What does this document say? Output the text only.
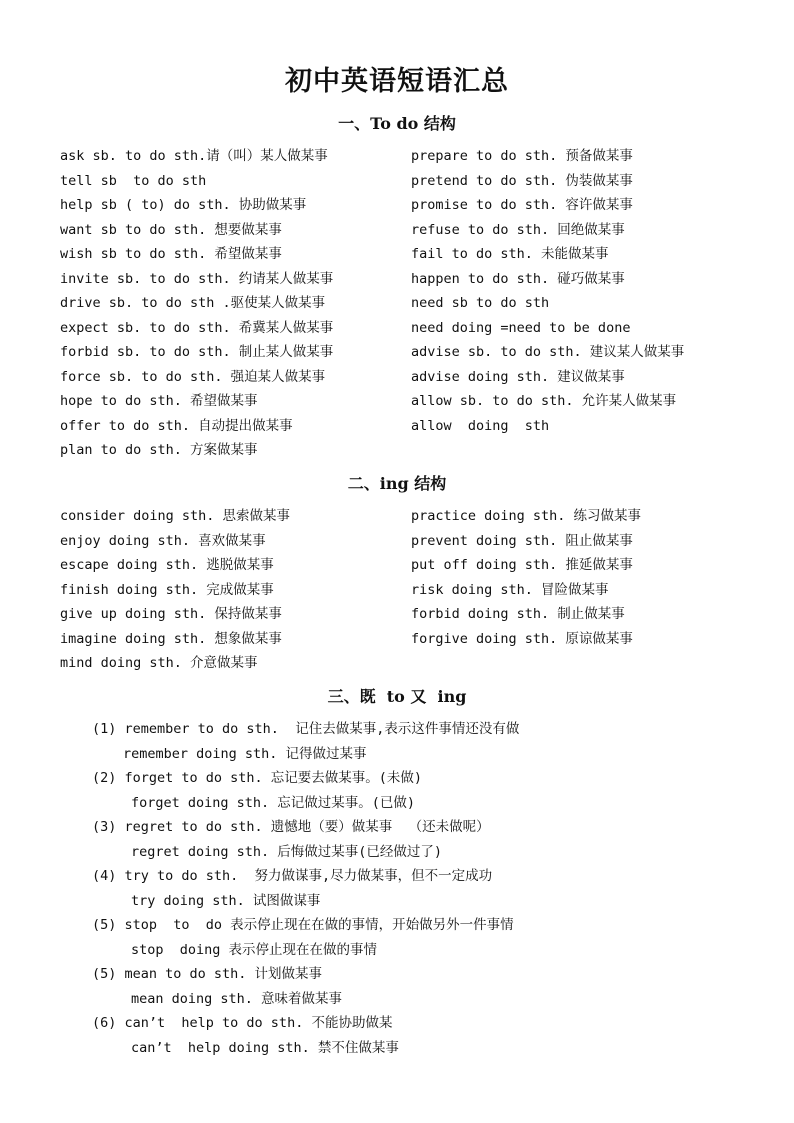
初中英语短语汇总
一、To do 结构
ask sb. to do sth.请（叫）某人做某事
tell sb  to do sth
help sb ( to) do sth. 协助做某事
want sb to do sth. 想要做某事
wish sb to do sth. 希望做某事
invite sb. to do sth. 约请某人做某事
drive sb. to do sth .驱使某人做某事
expect sb. to do sth. 希冀某人做某事
forbid sb. to do sth. 制止某人做某事
force sb. to do sth. 强迫某人做某事
hope to do sth. 希望做某事
offer to do sth. 自动提出做某事
plan to do sth. 方案做某事
prepare to do sth. 预备做某事
pretend to do sth. 伪装做某事
promise to do sth. 容许做某事
refuse to do sth. 回绝做某事
fail to do sth. 未能做某事
happen to do sth. 碰巧做某事
need sb to do sth
need doing =need to be done
advise sb. to do sth. 建议某人做某事
advise doing sth. 建议做某事
allow sb. to do sth. 允许某人做某事
allow  doing  sth
二、ing 结构
consider doing sth. 思索做某事
enjoy doing sth. 喜欢做某事
escape doing sth. 逃脱做某事
finish doing sth. 完成做某事
give up doing sth. 保持做某事
imagine doing sth. 想象做某事
mind doing sth. 介意做某事
practice doing sth. 练习做某事
prevent doing sth. 阻止做某事
put off doing sth. 推延做某事
risk doing sth. 冒险做某事
forbid doing sth. 制止做某事
forgive doing sth. 原谅做某事
三、既  to 又  ing
(1) remember to do sth.  记住去做某事,表示这件事情还没有做
remember doing sth. 记得做过某事
(2) forget to do sth. 忘记要去做某事。(未做)
forget doing sth. 忘记做过某事。(已做)
(3) regret to do sth. 遗憾地（要）做某事  （还未做呢）
regret doing sth. 后悔做过某事(已经做过了)
(4) try to do sth.  努力做谋事,尽力做某事，但不一定成功
try doing sth. 试图做谋事
(5) stop  to  do 表示停止现在在做的事情，开始做另外一件事情
stop  doing 表示停止现在在做的事情
(5) mean to do sth. 计划做某事
mean doing sth. 意味着做某事
(6) can’t  help to do sth. 不能协助做某
can’t  help doing sth. 禁不住做某事
